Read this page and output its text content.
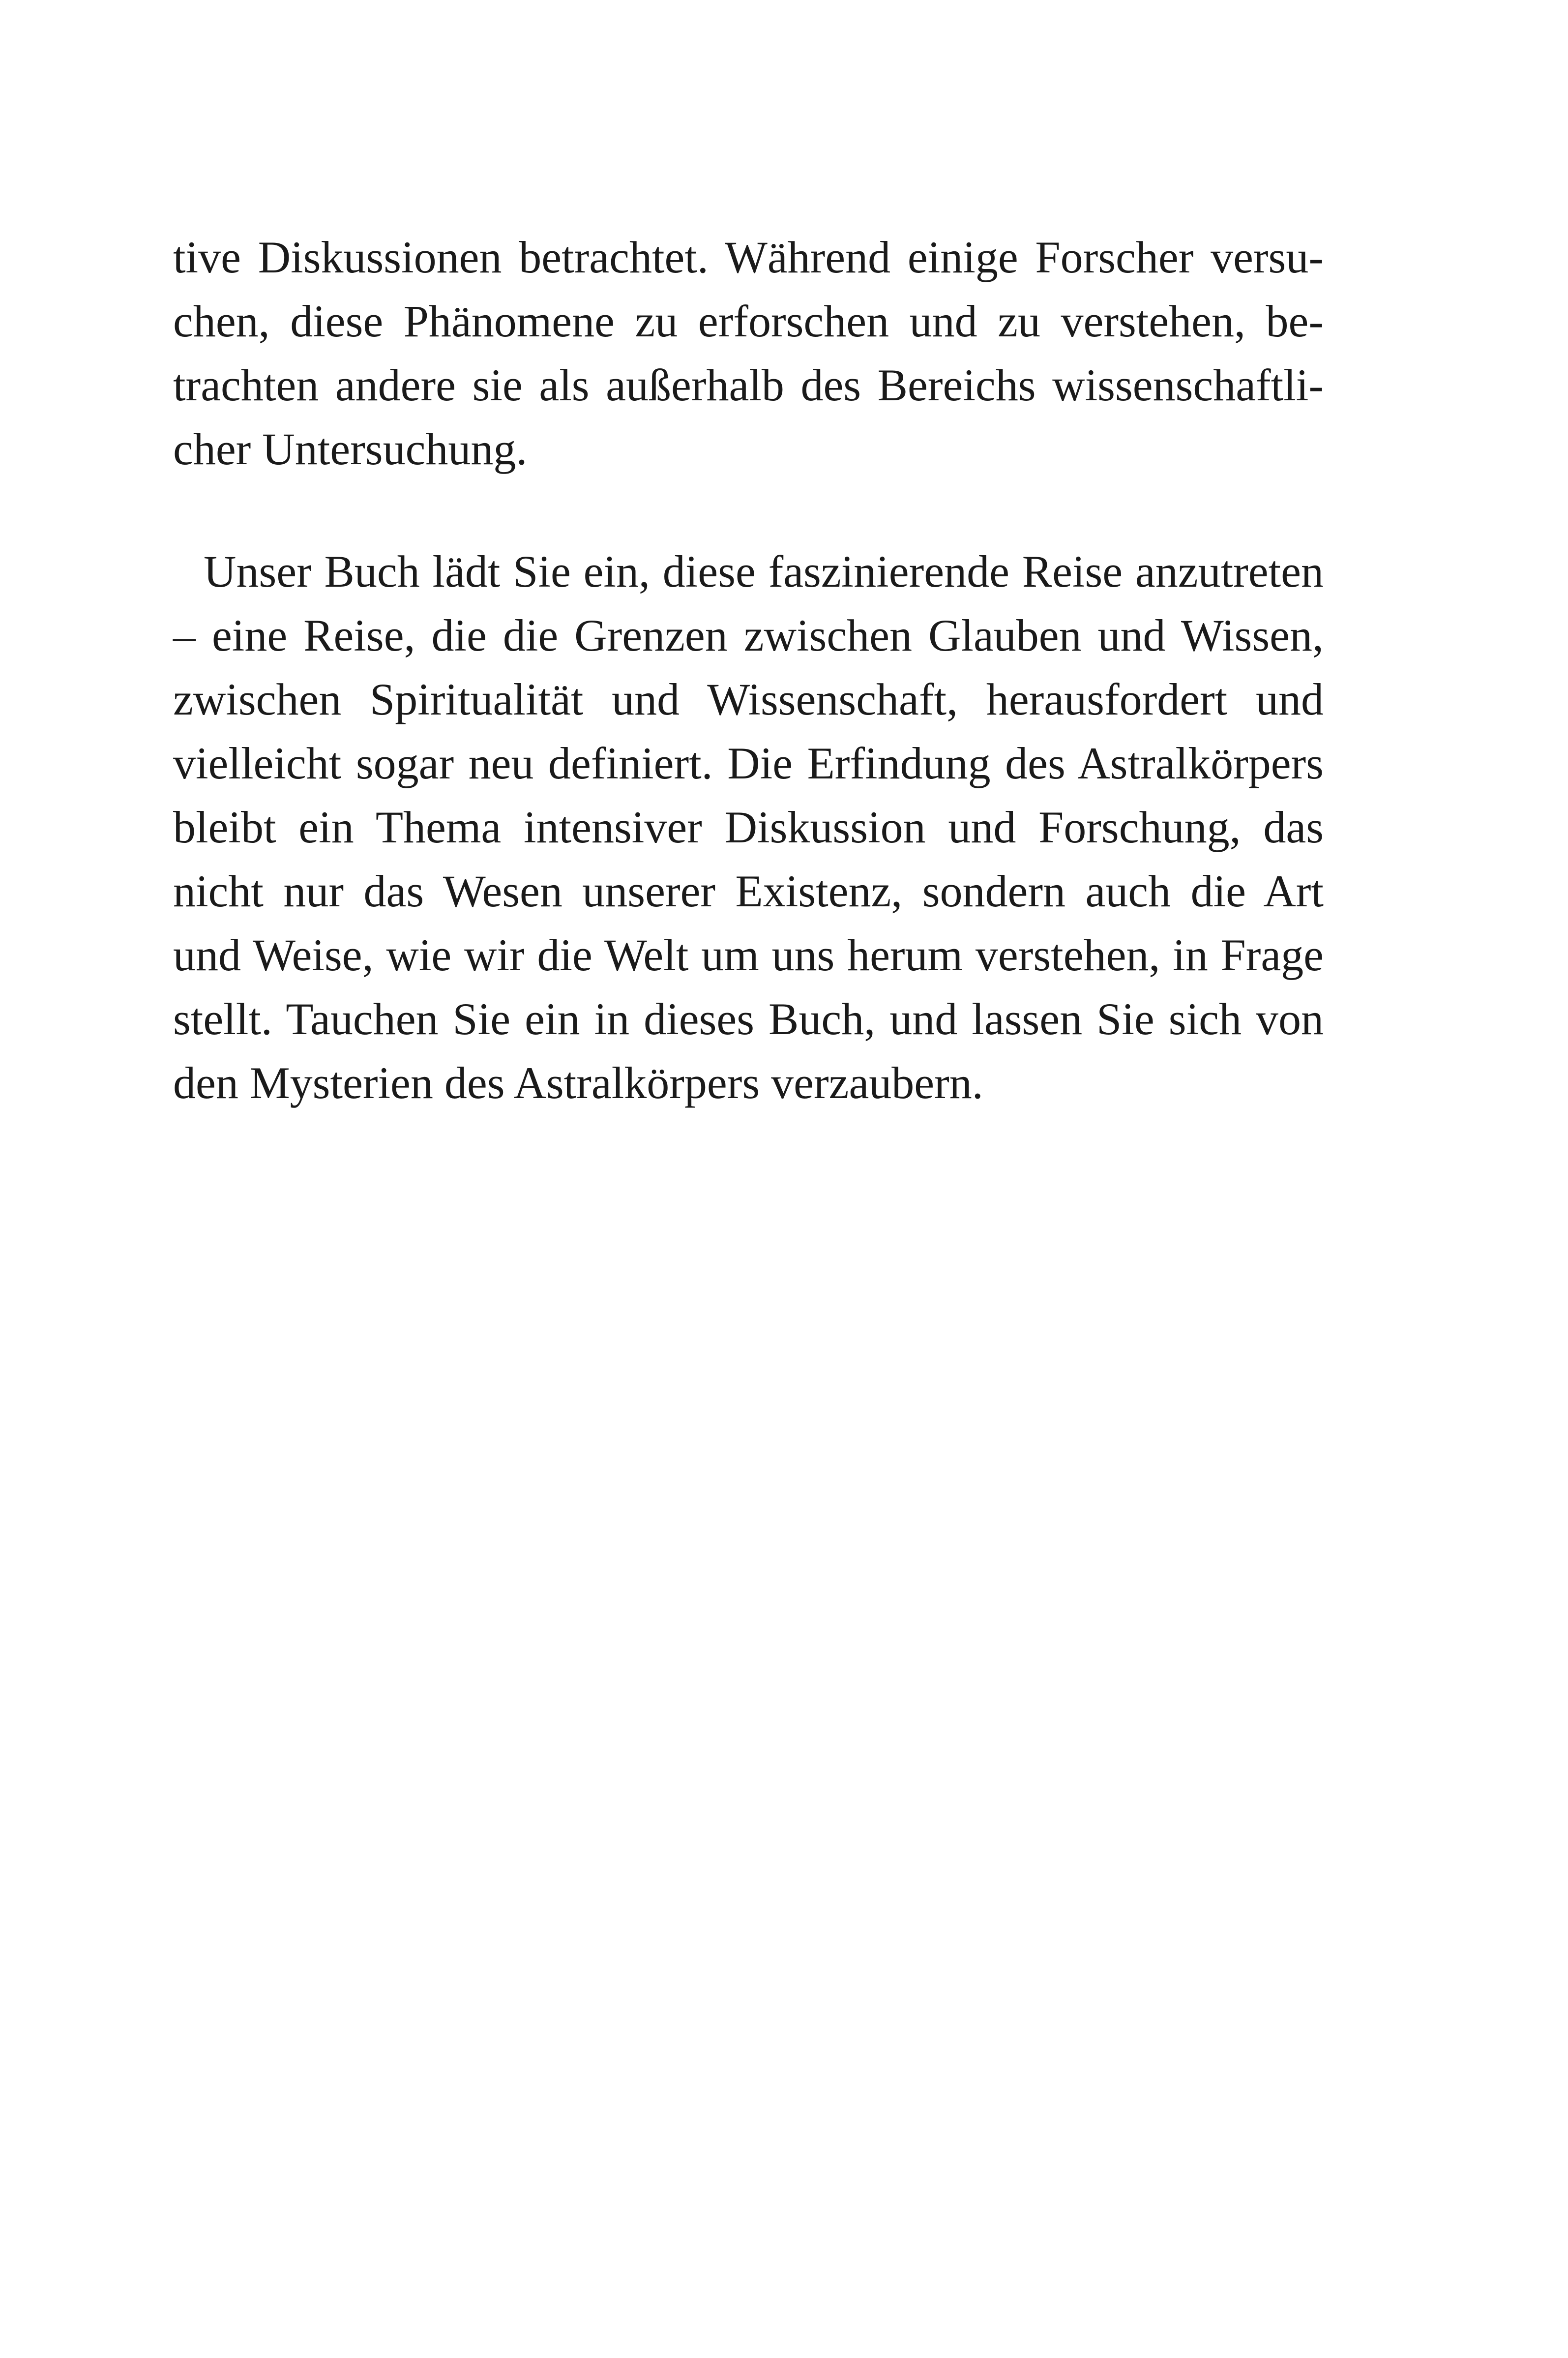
tive Diskussionen betrachtet. Während einige Forscher versu-
chen, diese Phänomene zu erforschen und zu verstehen, be-
trachten andere sie als außerhalb des Bereichs wissenschaftli-
cher Untersuchung.
Unser Buch lädt Sie ein, diese faszinierende Reise anzutreten
– eine Reise, die die Grenzen zwischen Glauben und Wissen,
zwischen Spiritualität und Wissenschaft, herausfordert und
vielleicht sogar neu definiert. Die Erfindung des Astralkörpers
bleibt ein Thema intensiver Diskussion und Forschung, das
nicht nur das Wesen unserer Existenz, sondern auch die Art
und Weise, wie wir die Welt um uns herum verstehen, in Frage
stellt. Tauchen Sie ein in dieses Buch, und lassen Sie sich von
den Mysterien des Astralkörpers verzaubern.
